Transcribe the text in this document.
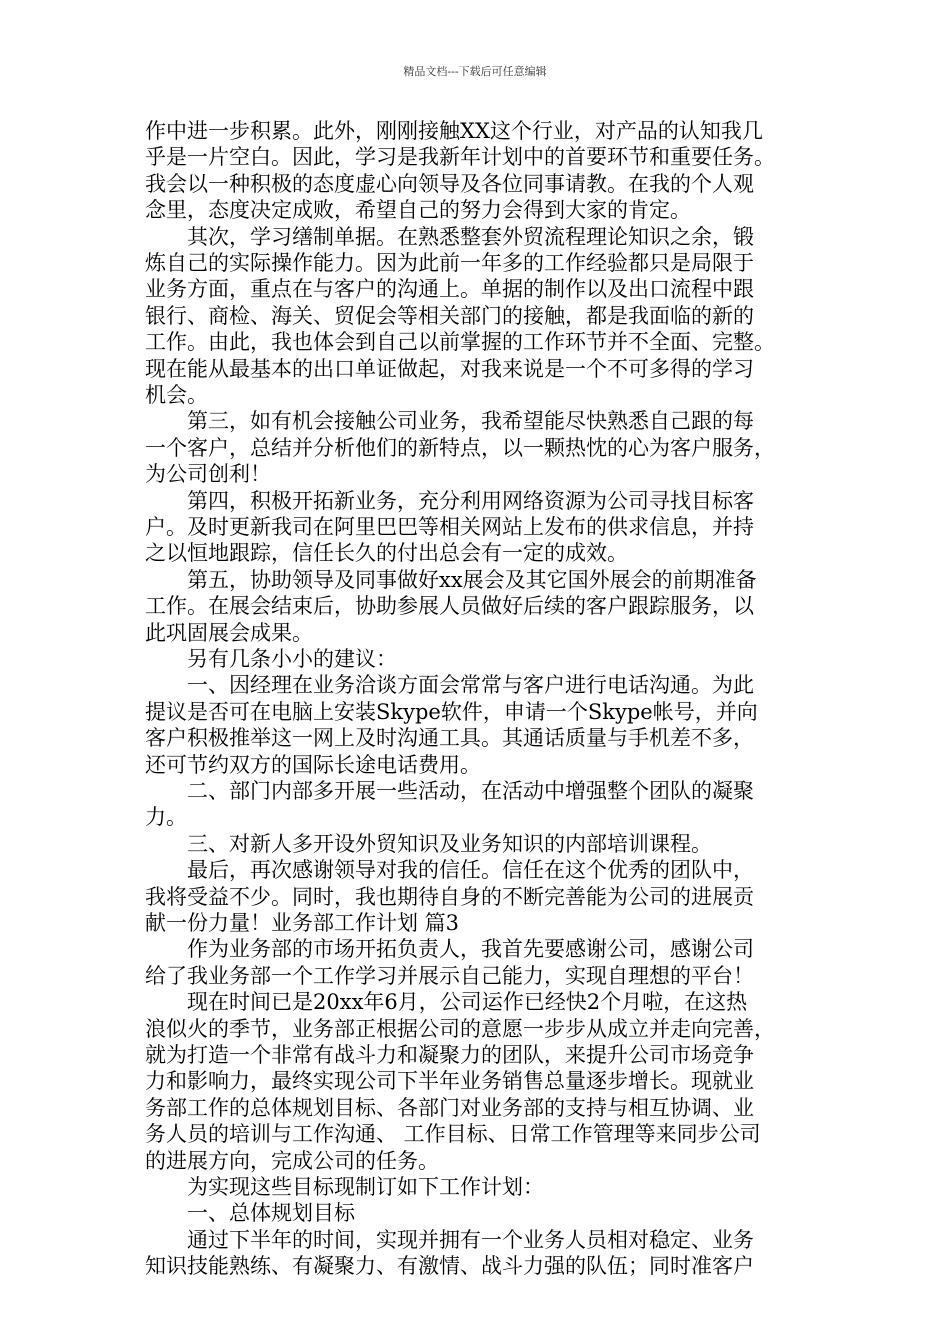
精品文档---下载后可任意编辑
作中进一步积累。此外，刚刚接触XX这个行业，对产品的认知我几
乎是一片空白。因此，学习是我新年计划中的首要环节和重要任务。
我会以一种积极的态度虚心向领导及各位同事请教。在我的个人观
念里，态度决定成败，希望自己的努力会得到大家的肯定。
　　其次，学习缮制单据。在熟悉整套外贸流程理论知识之余，锻
炼自己的实际操作能力。因为此前一年多的工作经验都只是局限于
业务方面，重点在与客户的沟通上。单据的制作以及出口流程中跟
银行、商检、海关、贸促会等相关部门的接触，都是我面临的新的
工作。由此，我也体会到自己以前掌握的工作环节并不全面、完整。
现在能从最基本的出口单证做起，对我来说是一个不可多得的学习
机会。
　　第三，如有机会接触公司业务，我希望能尽快熟悉自己跟的每
一个客户，总结并分析他们的新特点，以一颗热忱的心为客户服务，
为公司创利！
　　第四，积极开拓新业务，充分利用网络资源为公司寻找目标客
户。及时更新我司在阿里巴巴等相关网站上发布的供求信息，并持
之以恒地跟踪，信任长久的付出总会有一定的成效。
　　第五，协助领导及同事做好xx展会及其它国外展会的前期准备
工作。在展会结束后，协助参展人员做好后续的客户跟踪服务，以
此巩固展会成果。
　　另有几条小小的建议：
　　一、因经理在业务洽谈方面会常常与客户进行电话沟通。为此
提议是否可在电脑上安装Skype软件，申请一个Skype帐号，并向
客户积极推举这一网上及时沟通工具。其通话质量与手机差不多，
还可节约双方的国际长途电话费用。
　　二、部门内部多开展一些活动，在活动中增强整个团队的凝聚
力。
　　三、对新人多开设外贸知识及业务知识的内部培训课程。
　　最后，再次感谢领导对我的信任。信任在这个优秀的团队中，
我将受益不少。同时，我也期待自身的不断完善能为公司的进展贡
献一份力量！业务部工作计划 篇3
　　作为业务部的市场开拓负责人，我首先要感谢公司，感谢公司
给了我业务部一个工作学习并展示自己能力，实现自理想的平台！
　　现在时间已是20xx年6月，公司运作已经快2个月啦，在这热
浪似火的季节，业务部正根据公司的意愿一步步从成立并走向完善，
就为打造一个非常有战斗力和凝聚力的团队，来提升公司市场竞争
力和影响力，最终实现公司下半年业务销售总量逐步增长。现就业
务部工作的总体规划目标、各部门对业务部的支持与相互协调、业
务人员的培训与工作沟通、 工作目标、日常工作管理等来同步公司
的进展方向，完成公司的任务。
　　为实现这些目标现制订如下工作计划：
　　一、总体规划目标
　　通过下半年的时间，实现并拥有一个业务人员相对稳定、业务
知识技能熟练、有凝聚力、有激情、战斗力强的队伍；同时准客户
